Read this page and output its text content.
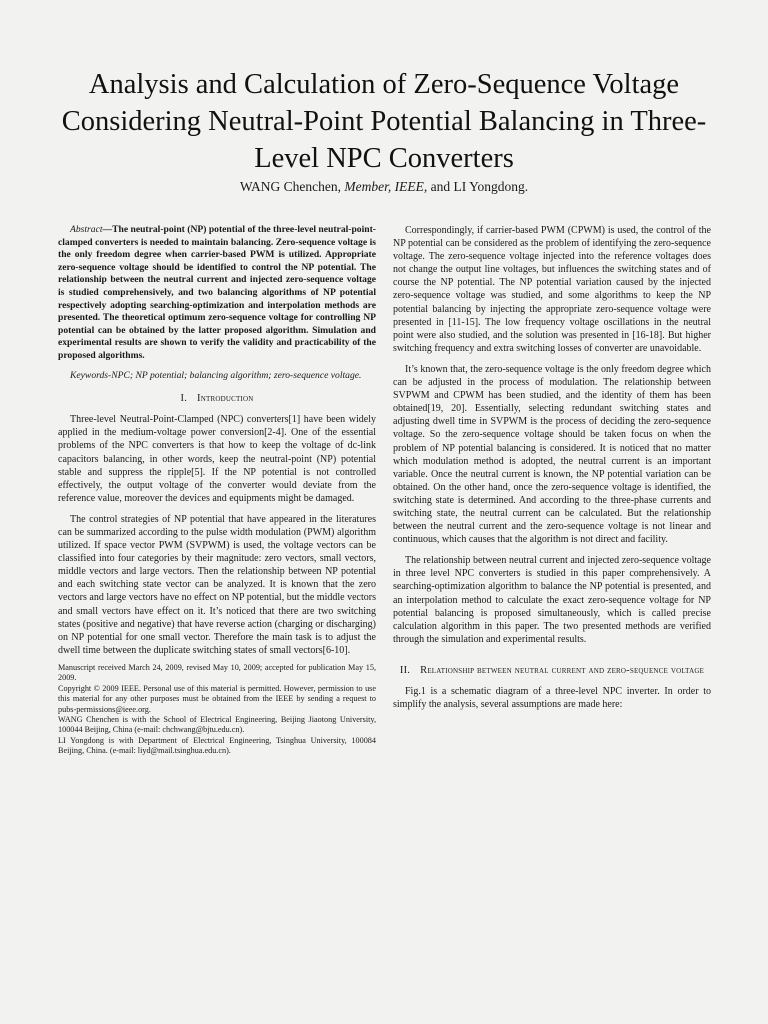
Analysis and Calculation of Zero-Sequence Voltage Considering Neutral-Point Potential Balancing in Three-Level NPC Converters
WANG Chenchen, Member, IEEE, and LI Yongdong.

Abstract—The neutral-point (NP) potential of the three-level neutral-point-clamped converters is needed to maintain balancing. Zero-sequence voltage is the only freedom degree when carrier-based PWM is utilized. Appropriate zero-sequence voltage should be identified to control the NP potential. The relationship between the neutral current and injected zero-sequence voltage is studied comprehensively, and two balancing algorithms of NP potential respectively adopting searching-optimization and interpolation methods are presented. The theoretical optimum zero-sequence voltage for controlling NP potential can be obtained by the latter proposed algorithm. Simulation and experimental results are shown to verify the validity and practicability of the proposed algorithms.

Keywords-NPC; NP potential; balancing algorithm; zero-sequence voltage.

I. Introduction

Three-level Neutral-Point-Clamped (NPC) converters[1] have been widely applied in the medium-voltage power conversion[2-4]. One of the essential problems of the NPC converters is that how to keep the voltage of dc-link capacitors balancing, in other words, keep the neutral-point (NP) potential stable and suppress the ripple[5]. If the NP potential is not controlled effectively, the output voltage of the converter would deviate from the reference value, moreover the devices and equipments might be damaged.

The control strategies of NP potential that have appeared in the literatures can be summarized according to the pulse width modulation (PWM) algorithm utilized. If space vector PWM (SVPWM) is used, the voltage vectors can be classified into four categories by their magnitude: zero vectors, small vectors, middle vectors and large vectors. Then the relationship between NP potential and each switching state vector can be analyzed. It is known that the zero vectors and large vectors have no effect on NP potential, but the middle vectors and small vectors have effect on it. It’s noticed that there are two switching states (positive and negative) that have reverse action (charging or discharging) on NP potential for one small vector. Therefore the main task is to adjust the dwell time between the duplicate switching states of small vectors[6-10].

Manuscript received March 24, 2009, revised May 10, 2009; accepted for publication May 15, 2009.

Copyright © 2009 IEEE. Personal use of this material is permitted. However, permission to use this material for any other purposes must be obtained from the IEEE by sending a request to pubs-permissions@ieee.org.

WANG Chenchen is with the School of Electrical Engineering, Beijing Jiaotong University, 100044 Beijing, China (e-mail: chchwang@bjtu.edu.cn).

LI Yongdong is with Department of Electrical Engineering, Tsinghua University, 100084 Beijing, China. (e-mail: liyd@mail.tsinghua.edu.cn).

Correspondingly, if carrier-based PWM (CPWM) is used, the control of the NP potential can be considered as the problem of identifying the zero-sequence voltage. The zero-sequence voltage injected into the reference voltages does not change the output line voltages, but influences the switching states and of course the NP potential. The NP potential variation caused by the injected zero-sequence voltage was studied, and some algorithms to keep the NP potential balancing by injecting the appropriate zero-sequence voltage were presented in [11-15]. The low frequency voltage oscillations in the neutral point were also studied, and the solution was presented in [16-18]. But higher switching frequency and extra switching losses of converter are unavoidable.

It’s known that, the zero-sequence voltage is the only freedom degree which can be adjusted in the process of modulation. The relationship between SVPWM and CPWM has been studied, and the identity of them has been obtained[19, 20]. Essentially, selecting redundant switching states and adjusting dwell time in SVPWM is the process of deciding the zero-sequence voltage. So the zero-sequence voltage should be taken focus on when the problem of NP potential balancing is considered. It is noticed that no matter which modulation method is adopted, the neutral current is an important variable. Once the neutral current is known, the NP potential variation can be obtained. On the other hand, once the zero-sequence voltage is identified, the switching state is determined. And according to the three-phase currents and switching state, the neutral current can be calculated. But the relationship between the neutral current and the zero-sequence voltage is not linear and continuous, which causes that the algorithm is not direct and facility.

The relationship between neutral current and injected zero-sequence voltage in three level NPC converters is studied in this paper comprehensively. A searching-optimization algorithm to balance the NP potential is presented, and an interpolation method to calculate the exact zero-sequence voltage for NP potential balancing is proposed simultaneously, which is called precise calculation algorithm in this paper. The two presented methods are verified through the simulation and experimental results.

II. Relationship between neutral current and zero-sequence voltage

Fig.1 is a schematic diagram of a three-level NPC inverter. In order to simplify the analysis, several assumptions are made here:
